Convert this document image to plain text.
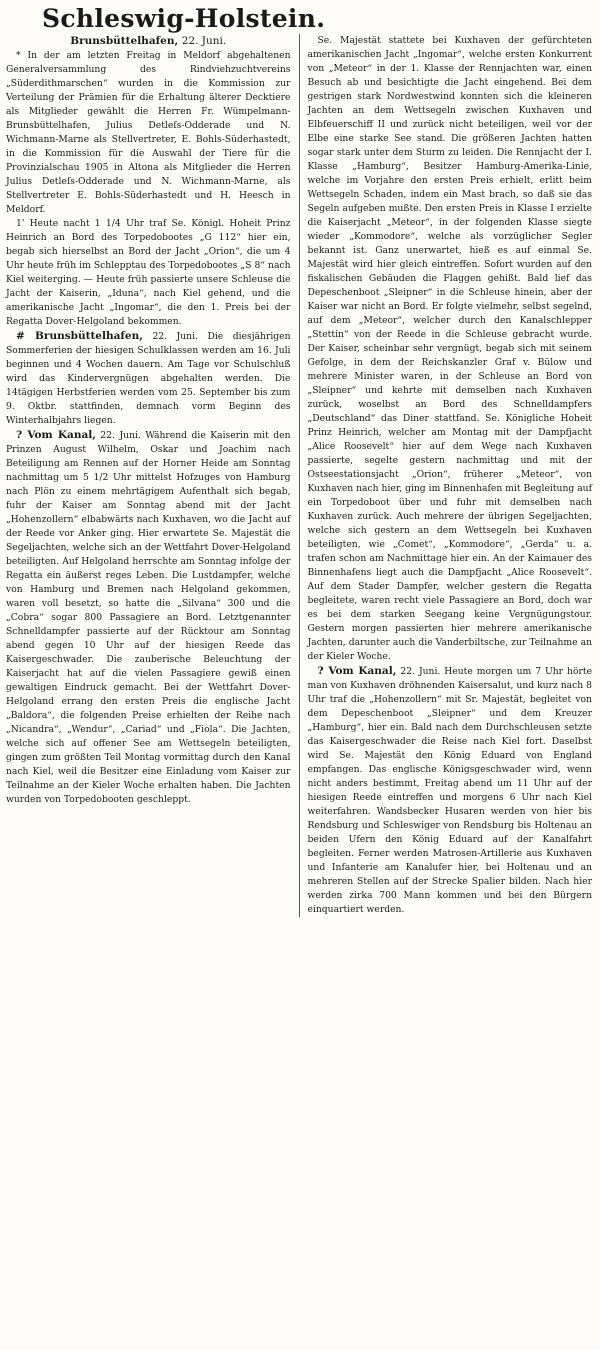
Schleswig-Holstein.
Brunsbüttelhafen, 22. Juni.

* In der am letzten Freitag in Meldorf abgehaltenen Generalversammlung des Rindviehzuchtvereins „Süderdithmarschen“ wurden in die Kommission zur Verteilung der Prämien für die Erhaltung älterer Decktiere als Mitglieder gewählt die Herren Fr. Wümpelmann-Brunsbüttelhafen, Julius Detleſs-Odderade und N. Wichmann-Marne als Stellvertreter, E. Bohls-Süderhastedt, in die Kommission für die Auswahl der Tiere für die Provinzialschau 1905 in Altona als Mitglieder die Herren Julius Detleſs-Odderade und N. Wichmann-Marne, als Stellvertreter E. Bohls-Süderhastedt und H. Heesch in Meldorf.

1' Heute nacht 1 1/4 Uhr traf Se. Königl. Hoheit Prinz Heinrich an Bord des Torpedobootes „G 112“ hier ein, begab sich hierselbst an Bord der Jacht „Orion“, die um 4 Uhr heute früh im Schlepptau des Torpedobootes „S 8“ nach Kiel weiterging. — Heute früh passierte unsere Schleuse die Jacht der Kaiserin, „Iduna“, nach Kiel gehend, und die amerikanische Jacht „Ingomar“, die den 1. Preis bei der Regatta Dover-Helgoland bekommen.

# Brunsbüttelhafen, 22. Juni. Die diesjährigen Sommerferien der hiesigen Schulklassen werden am 16. Juli beginnen und 4 Wochen dauern. Am Tage vor Schulschluß wird das Kindervergnügen abgehalten werden. Die 14tägigen Herbstferien werden vom 25. September bis zum 9. Oktbr. stattfinden, demnach vorm Beginn des Winterhalbjahrs liegen.

? Vom Kanal, 22. Juni. Während die Kaiserin mit den Prinzen August Wilhelm, Oskar und Joachim nach Beteiligung am Rennen auf der Horner Heide am Sonntag nachmittag um 5 1/2 Uhr mittelst Hofzuges von Hamburg nach Plön zu einem mehrtägigem Aufenthalt sich begab, fuhr der Kaiser am Sonntag abend mit der Jacht „Hohenzollern“ elbabwärts nach Kuxhaven, wo die Jacht auf der Reede vor Anker ging. Hier erwartete Se. Majestät die Segeljachten, welche sich an der Wettfahrt Dover-Helgoland beteiligten. Auf Helgoland herrschte am Sonntag infolge der Regatta ein äußerst reges Leben. Die Lustdampfer, welche von Hamburg und Bremen nach Helgoland gekommen, waren voll besetzt, so hatte die „Silvana“ 300 und die „Cobra“ sogar 800 Passagiere an Bord. Letztgenannter Schnelldampfer passierte auf der Rücktour am Sonntag abend gegen 10 Uhr auf der hiesigen Reede das Kaisergeschwader. Die zauberische Beleuchtung der Kaiserjacht hat auf die vielen Passagiere gewiß einen gewaltigen Eindruck gemacht. Bei der Wettfahrt Dover-Helgoland errang den ersten Preis die englische Jacht „Baldora“, die folgenden Preise erhielten der Reihe nach „Nicandra“, „Wendur“, „Cariad“ und „Fiola“. Die Jachten, welche sich auf offener See am Wettsegeln beteiligten, gingen zum größten Teil Montag vormittag durch den Kanal nach Kiel, weil die Besitzer eine Einladung vom Kaiser zur Teilnahme an der Kieler Woche erhalten haben. Die Jachten wurden von Torpedobooten geschleppt.

Se. Majestät stattete bei Kuxhaven der gefürchteten amerikanischen Jacht „Ingomar“, welche ersten Konkurrent von „Meteor“ in der 1. Klasse der Rennjachten war, einen Besuch ab und besichtigte die Jacht eingehend. Bei dem gestrigen stark Nordwestwind konnten sich die kleineren Jachten an dem Wettsegeln zwischen Kuxhaven und Elbfeuerschiff II und zurück nicht beteiligen, weil vor der Elbe eine starke See stand. Die größeren Jachten hatten sogar stark unter dem Sturm zu leiden. Die Rennjacht der I. Klasse „Hamburg“, Besitzer Hamburg-Amerika-Linie, welche im Vorjahre den ersten Preis erhielt, erlitt beim Wettsegeln Schaden, indem ein Mast brach, so daß sie das Segeln aufgeben mußte. Den ersten Preis in Klasse I erzielte die Kaiserjacht „Meteor“, in der folgenden Klasse siegte wieder „Kommodore“, welche als vorzüglicher Segler bekannt ist. Ganz unerwartet, hieß es auf einmal Se. Majestät wird hier gleich eintreffen. Sofort wurden auf den fiskalischen Gebäuden die Flaggen gehißt. Bald lief das Depeschenboot „Sleipner“ in die Schleuse hinein, aber der Kaiser war nicht an Bord. Er folgte vielmehr, selbst segelnd, auf dem „Meteor“, welcher durch den Kanalschlepper „Stettin“ von der Reede in die Schleuse gebracht wurde. Der Kaiser, scheinbar sehr vergnügt, begab sich mit seinem Gefolge, in dem der Reichskanzler Graf v. Bülow und mehrere Minister waren, in der Schleuse an Bord von „Sleipner“ und kehrte mit demselben nach Kuxhaven zurück, woselbst an Bord des Schnelldampfers „Deutschland“ das Diner stattfand. Se. Königliche Hoheit Prinz Heinrich, welcher am Montag mit der Dampfjacht „Alice Roosevelt“ hier auf dem Wege nach Kuxhaven passierte, segelte gestern nachmittag und mit der Ostseestationsjacht „Orion“, früherer „Meteor“, von Kuxhaven nach hier, ging im Binnenhafen mit Begleitung auf ein Torpedoboot über und fuhr mit demselben nach Kuxhaven zurück. Auch mehrere der übrigen Segeljachten, welche sich gestern an dem Wettsegeln bei Kuxhaven beteiligten, wie „Comet“, „Kommodore“, „Gerda“ u. a. trafen schon am Nachmittage hier ein. An der Kaimauer des Binnenhafens liegt auch die Dampfjacht „Alice Roosevelt“. Auf dem Stader Dampfer, welcher gestern die Regatta begleitete, waren recht viele Passagiere an Bord, doch war es bei dem starken Seegang keine Vergnügungstour. Gestern morgen passierten hier mehrere amerikanische Jachten, darunter auch die Vanderbiltsche, zur Teilnahme an der Kieler Woche.

? Vom Kanal, 22. Juni. Heute morgen um 7 Uhr hörte man von Kuxhaven dröhnenden Kaisersalut, und kurz nach 8 Uhr traf die „Hohenzollern“ mit Sr. Majestät, begleitet von dem Depeschenboot „Sleipner“ und dem Kreuzer „Hamburg“, hier ein. Bald nach dem Durchschleusen setzte das Kaisergeschwader die Reise nach Kiel fort. Daselbst wird Se. Majestät den König Eduard von England empfangen. Das englische Königsgeschwader wird, wenn nicht anders bestimmt, Freitag abend um 11 Uhr auf der hiesigen Reede eintreffen und morgens 6 Uhr nach Kiel weiterfahren. Wandsbecker Husaren werden von hier bis Rendsburg und Schleswiger von Rendsburg bis Holtenau an beiden Ufern den König Eduard auf der Kanalfahrt begleiten. Ferner werden Matrosen-Artillerie aus Kuxhaven und Infanterie am Kanalufer hier, bei Holtenau und an mehreren Stellen auf der Strecke Spalier bilden. Nach hier werden zirka 700 Mann kommen und bei den Bürgern einquartiert werden.
